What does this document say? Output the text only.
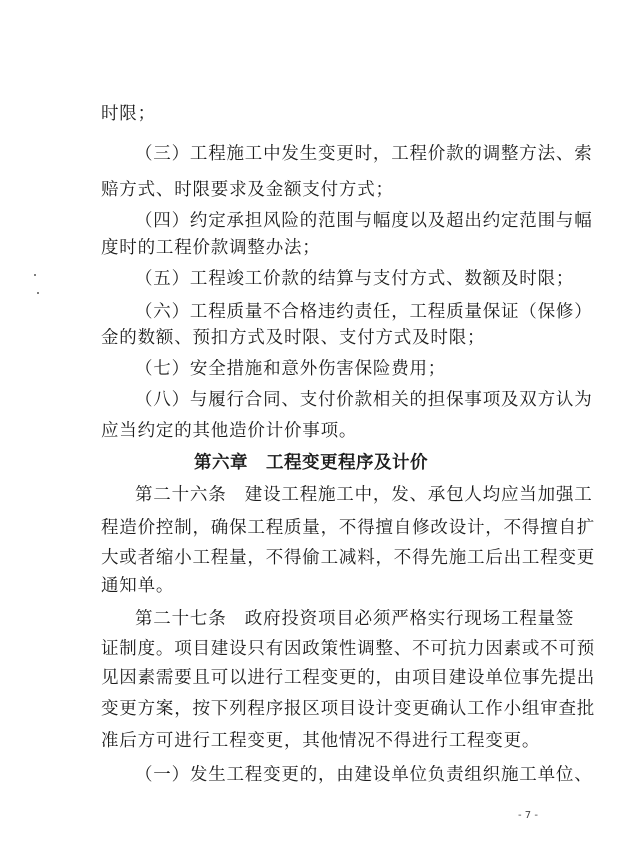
时限；
（三）工程施工中发生变更时，工程价款的调整方法、索
赔方式、时限要求及金额支付方式；
（四）约定承担风险的范围与幅度以及超出约定范围与幅
度时的工程价款调整办法；
（五）工程竣工价款的结算与支付方式、数额及时限；
（六）工程质量不合格违约责任，工程质量保证（保修）
金的数额、预扣方式及时限、支付方式及时限；
（七）安全措施和意外伤害保险费用；
（八）与履行合同、支付价款相关的担保事项及双方认为
应当约定的其他造价计价事项。
第六章　工程变更程序及计价
第二十六条　建设工程施工中，发、承包人均应当加强工
程造价控制，确保工程质量，不得擅自修改设计，不得擅自扩
大或者缩小工程量，不得偷工减料，不得先施工后出工程变更
通知单。
第二十七条　政府投资项目必须严格实行现场工程量签
证制度。项目建设只有因政策性调整、不可抗力因素或不可预
见因素需要且可以进行工程变更的，由项目建设单位事先提出
变更方案，按下列程序报区项目设计变更确认工作小组审查批
准后方可进行工程变更，其他情况不得进行工程变更。
（一）发生工程变更的，由建设单位负责组织施工单位、
- 7 -
